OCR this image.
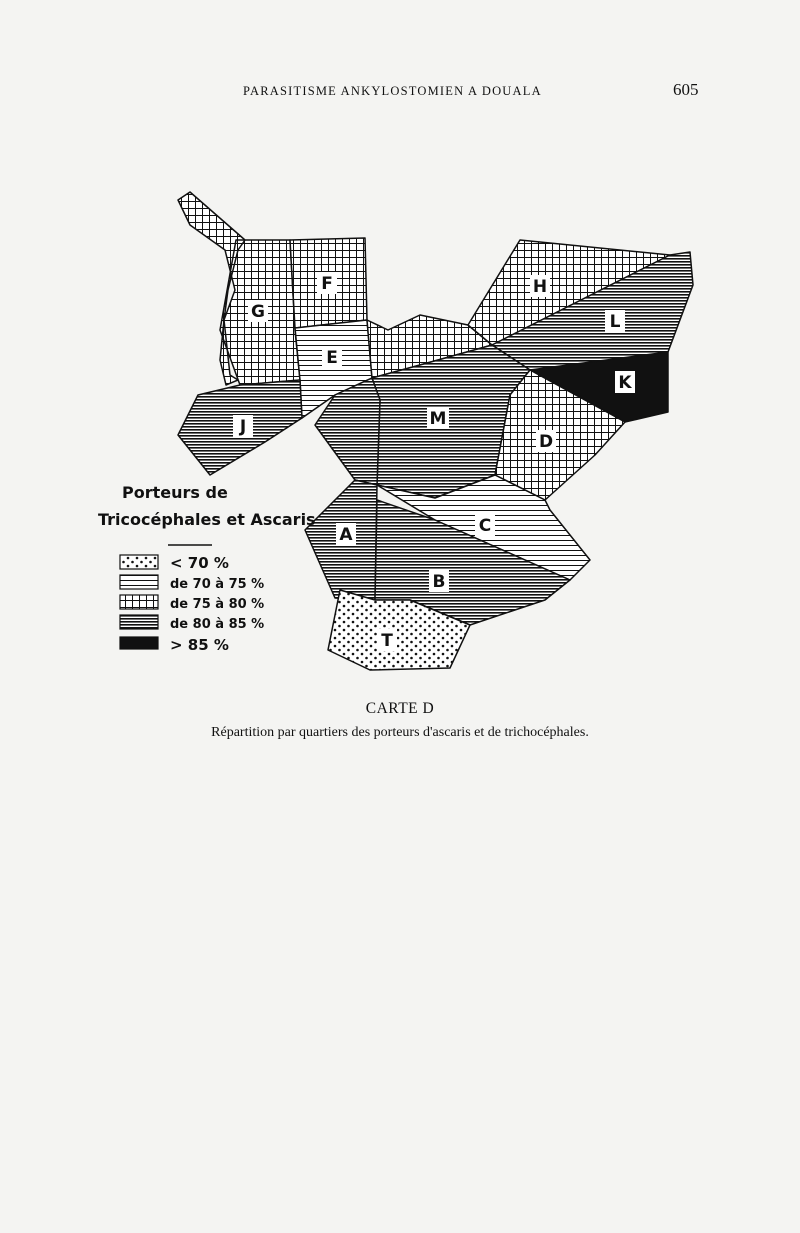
PARASITISME ANKYLOSTOMIEN A DOUALA	605
G
F	H
E
L
K
J	M
D
A	C
B
T
Porteurs de
Tricocéphales et Ascaris
< 70 %
de 70 à 75 %
de 75 à 80 %
de 80 à 85 %
> 85 %
CARTE D
Répartition par quartiers des porteurs d'ascaris et de trichocéphales.
